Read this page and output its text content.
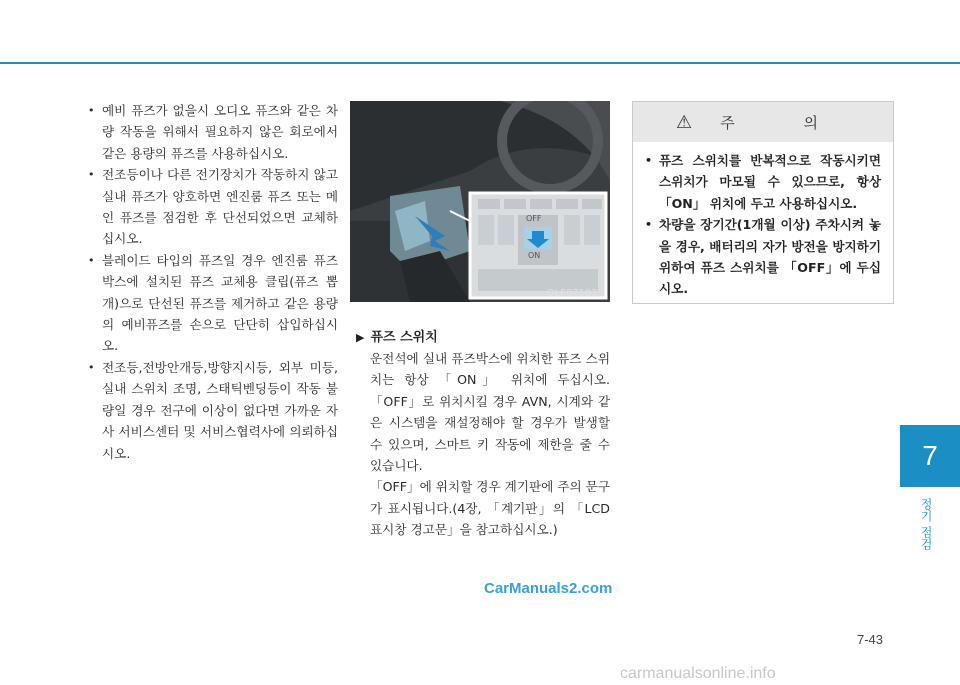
• 예비 퓨즈가 없을시 오디오 퓨즈와 같은 차량 작동을 위해서 필요하지 않은 회로에서 같은 용량의 퓨즈를 사용하십시오.
• 전조등이나 다른 전기장치가 작동하지 않고 실내 퓨즈가 양호하면 엔진룸 퓨즈 또는 메인 퓨즈를 점검한 후 단선되었으면 교체하십시오.
• 블레이드 타입의 퓨즈일 경우 엔진룸 퓨즈박스에 설치된 퓨즈 교체용 클립(퓨즈 뽑개)으로 단선된 퓨즈를 제거하고 같은 용량의 예비퓨즈를 손으로 단단히 삽입하십시오.
• 전조등,전방안개등,방향지시등, 외부 미등, 실내 스위치 조명, 스태틱벤딩등이 작동 불량일 경우 전구에 이상이 없다면 가까운 자사 서비스센터 및 서비스협력사에 의뢰하십시오.
OFF
ON
OLF071023
▶ 퓨즈 스위치

운전석에 실내 퓨즈박스에 위치한 퓨즈 스위치는 항상 「ON」 위치에 두십시오. 「OFF」로 위치시킬 경우 AVN, 시계와 같은 시스템을 재설정해야 할 경우가 발생할 수 있으며, 스마트 키 작동에 제한을 줄 수 있습니다.

「OFF」에 위치할 경우 계기판에 주의 문구가 표시됩니다.(4장, 「계기판」의 「LCD 표시창 경고문」을 참고하십시오.)

⚠ 주 의
• 퓨즈 스위치를 반복적으로 작동시키면 스위치가 마모될 수 있으므로, 항상 「ON」 위치에 두고 사용하십시오.
• 차량을 장기간(1개월 이상) 주차시켜 놓을 경우, 배터리의 자가 방전을 방지하기 위하여 퓨즈 스위치를 「OFF」에 두십시오.
7
정기 점검
CarManuals2.com
7-43
carmanualsonline.info
